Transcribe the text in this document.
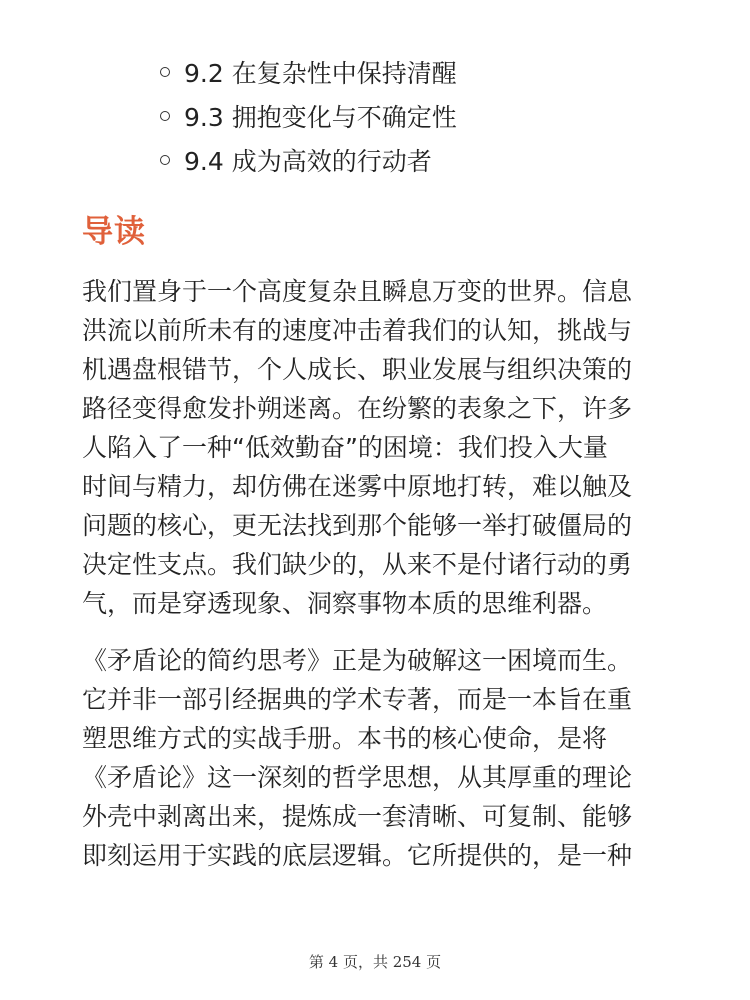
9.2 在复杂性中保持清醒
9.3 拥抱变化与不确定性
9.4 成为高效的行动者
导读

我们置身于一个高度复杂且瞬息万变的世界。信息
洪流以前所未有的速度冲击着我们的认知，挑战与
机遇盘根错节，个人成长、职业发展与组织决策的
路径变得愈发扑朔迷离。在纷繁的表象之下，许多
人陷入了一种“低效勤奋”的困境：我们投入大量
时间与精力，却仿佛在迷雾中原地打转，难以触及
问题的核心，更无法找到那个能够一举打破僵局的
决定性支点。我们缺少的，从来不是付诸行动的勇
气，而是穿透现象、洞察事物本质的思维利器。

《矛盾论的简约思考》正是为破解这一困境而生。
它并非一部引经据典的学术专著，而是一本旨在重
塑思维方式的实战手册。本书的核心使命，是将
《矛盾论》这一深刻的哲学思想，从其厚重的理论
外壳中剥离出来，提炼成一套清晰、可复制、能够
即刻运用于实践的底层逻辑。它所提供的，是一种

第 4 页，共 254 页
